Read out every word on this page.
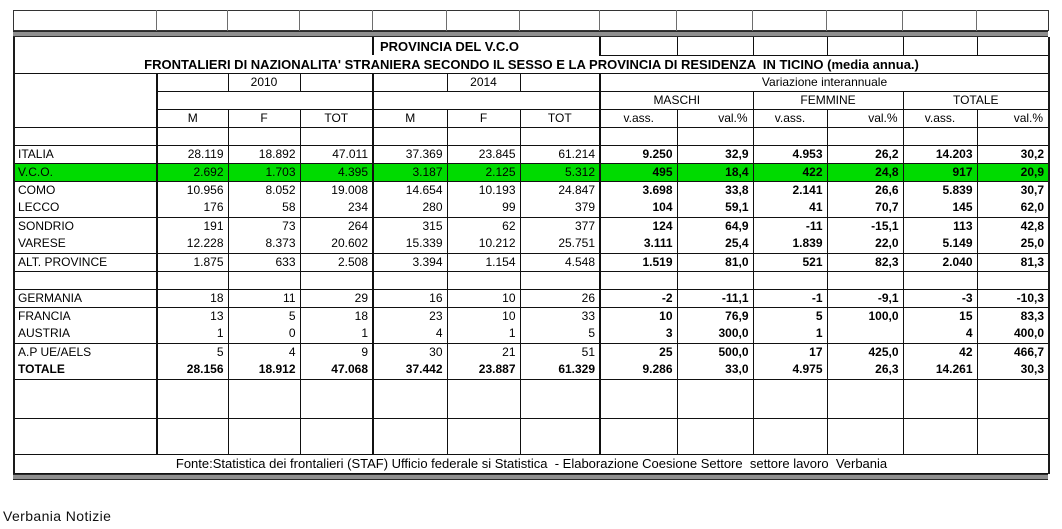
				PROVINCIA DEL V.C.O								
FRONTALIERI DI NAZIONALITA' STRANIERA SECONDO IL SESSO E LA PROVINCIA DI RESIDENZA  IN TICINO (media annua.)												
		2010			2014		Variazione interannuale					
							MASCHI		FEMMINE		TOTALE	
	M	F	TOT	M	F	TOT	v.ass.	val.%	v.ass.	val.%	v.ass.	val.%

ITALIA	28.119	18.892	47.011	37.369	23.845	61.214	9.250	32,9	4.953	26,2	14.203	30,2
V.C.O.	2.692	1.703	4.395	3.187	2.125	5.312	495	18,4	422	24,8	917	20,9
COMO	10.956	8.052	19.008	14.654	10.193	24.847	3.698	33,8	2.141	26,6	5.839	30,7
LECCO	176	58	234	280	99	379	104	59,1	41	70,7	145	62,0
SONDRIO	191	73	264	315	62	377	124	64,9	-11	-15,1	113	42,8
VARESE	12.228	8.373	20.602	15.339	10.212	25.751	3.111	25,4	1.839	22,0	5.149	25,0
ALT. PROVINCE	1.875	633	2.508	3.394	1.154	4.548	1.519	81,0	521	82,3	2.040	81,3

GERMANIA	18	11	29	16	10	26	-2	-11,1	-1	-9,1	-3	-10,3
FRANCIA	13	5	18	23	10	33	10	76,9	5	100,0	15	83,3
AUSTRIA	1	0	1	4	1	5	3	300,0	1		4	400,0
A.P UE/AELS	5	4	9	30	21	51	25	500,0	17	425,0	42	466,7
TOTALE	28.156	18.912	47.068	37.442	23.887	61.329	9.286	33,0	4.975	26,3	14.261	30,3

Fonte:Statistica dei frontalieri (STAF) Ufficio federale si Statistica  - Elaborazione Coesione Settore  settore lavoro  Verbania												
Verbania Notizie
